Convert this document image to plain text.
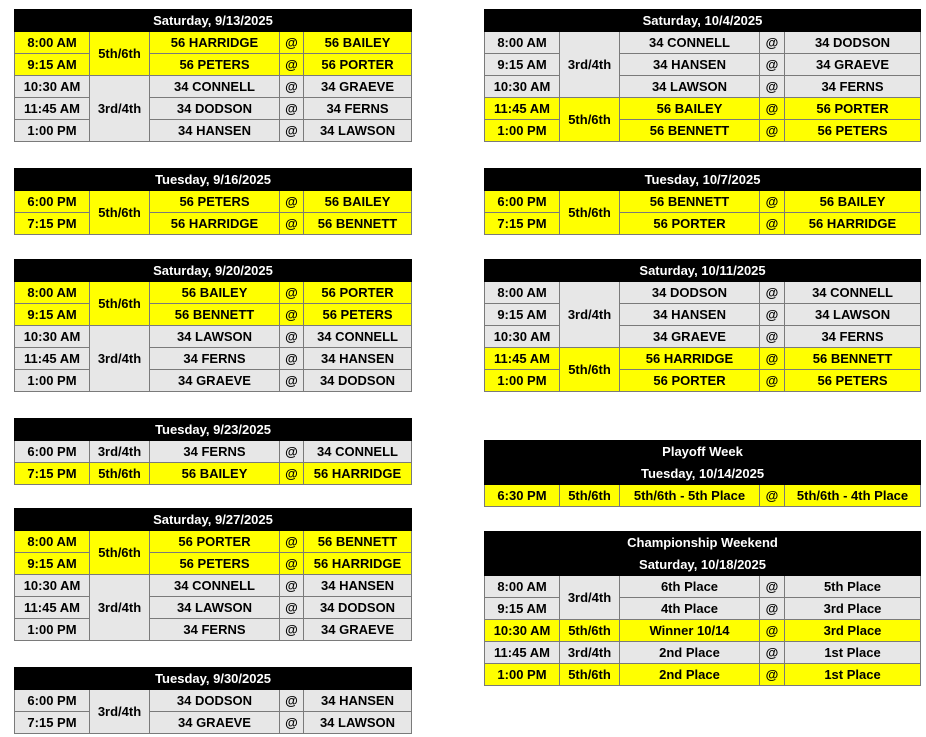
Saturday, 9/13/2025				
8:00 AM	5th/6th	56 HARRIDGE	@	56 BAILEY
9:15 AM		56 PETERS	@	56 PORTER
10:30 AM	3rd/4th	34 CONNELL	@	34 GRAEVE
11:45 AM		34 DODSON	@	34 FERNS
1:00 PM		34 HANSEN	@	34 LAWSON
Tuesday, 9/16/2025				
6:00 PM	5th/6th	56 PETERS	@	56 BAILEY
7:15 PM		56 HARRIDGE	@	56 BENNETT
Saturday, 9/20/2025				
8:00 AM	5th/6th	56 BAILEY	@	56 PORTER
9:15 AM		56 BENNETT	@	56 PETERS
10:30 AM	3rd/4th	34 LAWSON	@	34 CONNELL
11:45 AM		34 FERNS	@	34 HANSEN
1:00 PM		34 GRAEVE	@	34 DODSON
Tuesday, 9/23/2025				
6:00 PM	3rd/4th	34 FERNS	@	34 CONNELL
7:15 PM	5th/6th	56 BAILEY	@	56 HARRIDGE
Saturday, 9/27/2025				
8:00 AM	5th/6th	56 PORTER	@	56 BENNETT
9:15 AM		56 PETERS	@	56 HARRIDGE
10:30 AM	3rd/4th	34 CONNELL	@	34 HANSEN
11:45 AM		34 LAWSON	@	34 DODSON
1:00 PM		34 FERNS	@	34 GRAEVE
Tuesday, 9/30/2025				
6:00 PM	3rd/4th	34 DODSON	@	34 HANSEN
7:15 PM		34 GRAEVE	@	34 LAWSON
Saturday, 10/4/2025				
8:00 AM	3rd/4th	34 CONNELL	@	34 DODSON
9:15 AM		34 HANSEN	@	34 GRAEVE
10:30 AM		34 LAWSON	@	34 FERNS
11:45 AM	5th/6th	56 BAILEY	@	56 PORTER
1:00 PM		56 BENNETT	@	56 PETERS
Tuesday, 10/7/2025				
6:00 PM	5th/6th	56 BENNETT	@	56 BAILEY
7:15 PM		56 PORTER	@	56 HARRIDGE
Saturday, 10/11/2025				
8:00 AM	3rd/4th	34 DODSON	@	34 CONNELL
9:15 AM		34 HANSEN	@	34 LAWSON
10:30 AM		34 GRAEVE	@	34 FERNS
11:45 AM	5th/6th	56 HARRIDGE	@	56 BENNETT
1:00 PM		56 PORTER	@	56 PETERS
Playoff Week
Tuesday, 10/14/2025
6:30 PM	5th/6th	5th/6th - 5th Place	@	5th/6th - 4th Place
Championship Weekend				
Saturday, 10/18/2025				
8:00 AM	3rd/4th	6th Place	@	5th Place
9:15 AM		4th Place	@	3rd Place
10:30 AM	5th/6th	Winner 10/14	@	3rd Place
11:45 AM	3rd/4th	2nd Place	@	1st Place
1:00 PM	5th/6th	2nd Place	@	1st Place
